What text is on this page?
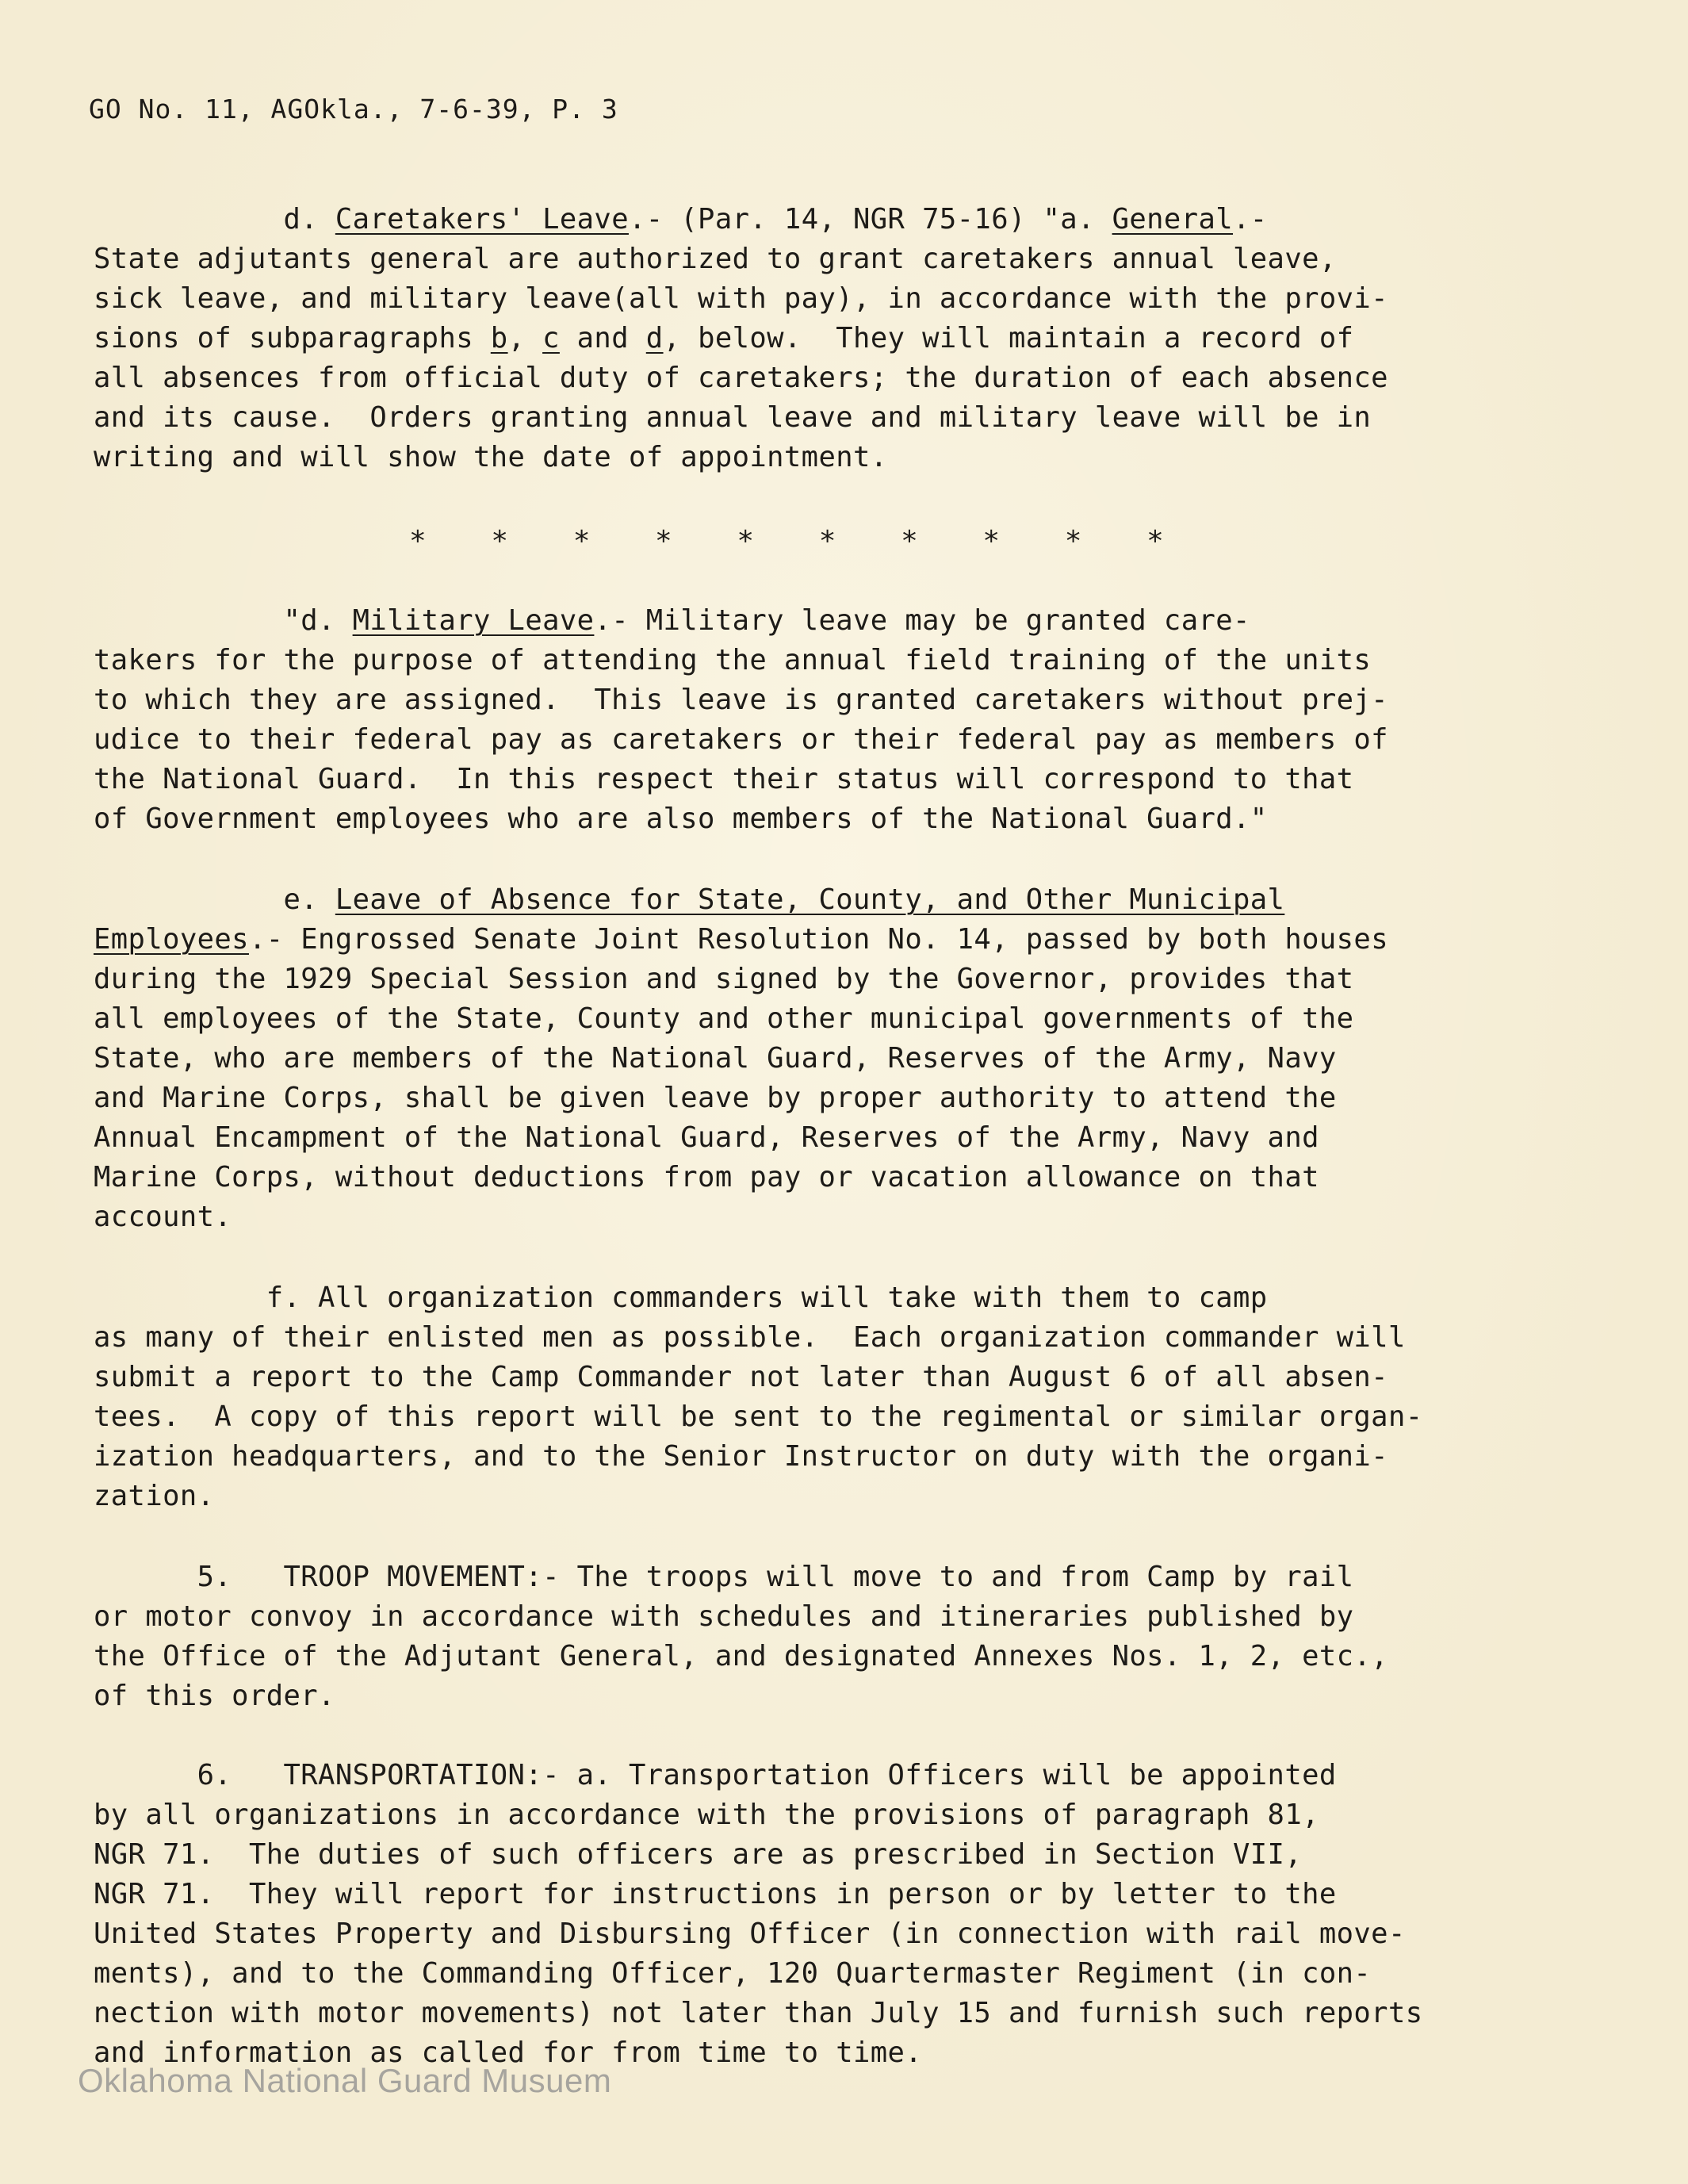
GO No. 11, AGOkla., 7-6-39, P. 3
d. Caretakers' Leave.- (Par. 14, NGR 75-16) "a. General.-
State adjutants general are authorized to grant caretakers annual leave,
sick leave, and military leave(all with pay), in accordance with the provi-
sions of subparagraphs b, c and d, below.  They will maintain a record of
all absences from official duty of caretakers; the duration of each absence
and its cause.  Orders granting annual leave and military leave will be in
writing and will show the date of appointment.
* * * * * * * * * *
"d. Military Leave.- Military leave may be granted care-
takers for the purpose of attending the annual field training of the units
to which they are assigned.  This leave is granted caretakers without prej-
udice to their federal pay as caretakers or their federal pay as members of
the National Guard.  In this respect their status will correspond to that
of Government employees who are also members of the National Guard."
e. Leave of Absence for State, County, and Other Municipal
Employees.- Engrossed Senate Joint Resolution No. 14, passed by both houses
during the 1929 Special Session and signed by the Governor, provides that
all employees of the State, County and other municipal governments of the
State, who are members of the National Guard, Reserves of the Army, Navy
and Marine Corps, shall be given leave by proper authority to attend the
Annual Encampment of the National Guard, Reserves of the Army, Navy and
Marine Corps, without deductions from pay or vacation allowance on that
account.
f. All organization commanders will take with them to camp
as many of their enlisted men as possible.  Each organization commander will
submit a report to the Camp Commander not later than August 6 of all absen-
tees.  A copy of this report will be sent to the regimental or similar organ-
ization headquarters, and to the Senior Instructor on duty with the organi-
zation.
5.   TROOP MOVEMENT:- The troops will move to and from Camp by rail
or motor convoy in accordance with schedules and itineraries published by
the Office of the Adjutant General, and designated Annexes Nos. 1, 2, etc.,
of this order.
6.   TRANSPORTATION:- a. Transportation Officers will be appointed
by all organizations in accordance with the provisions of paragraph 81,
NGR 71.  The duties of such officers are as prescribed in Section VII,
NGR 71.  They will report for instructions in person or by letter to the
United States Property and Disbursing Officer (in connection with rail move-
ments), and to the Commanding Officer, 120 Quartermaster Regiment (in con-
nection with motor movements) not later than July 15 and furnish such reports
and information as called for from time to time.
Oklahoma National Guard Musuem
